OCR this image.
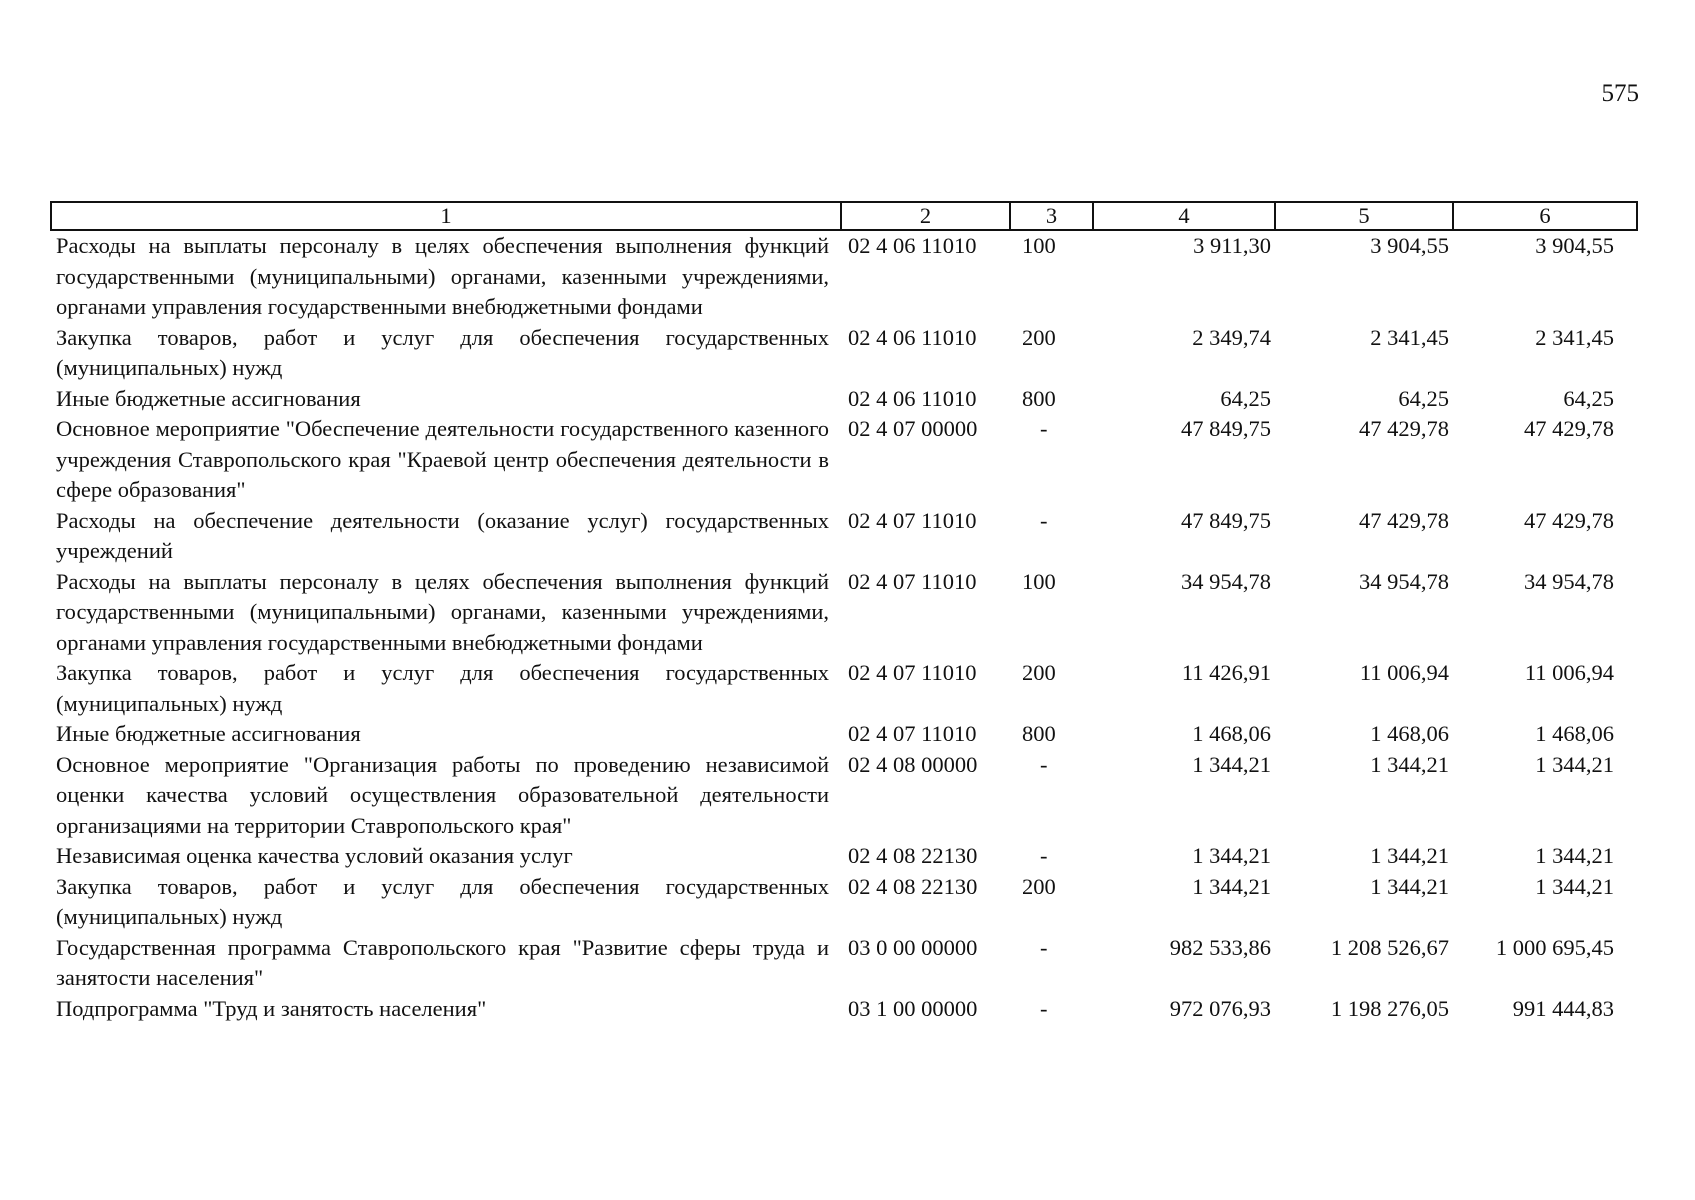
575
1	2	3	4	5	6
Расходы на выплаты персоналу в целях обеспечения выполнения функций государственными (муниципальными) органами, казенными учреждениями, органами управления государственными внебюджетными фондами	02 4 06 11010	100	3 911,30	3 904,55	3 904,55
Закупка товаров, работ и услуг для обеспечения государственных (муниципальных) нужд	02 4 06 11010	200	2 349,74	2 341,45	2 341,45
Иные бюджетные ассигнования	02 4 06 11010	800	64,25	64,25	64,25
Основное мероприятие "Обеспечение деятельности государственного казенного учреждения Ставропольского края "Краевой центр обеспечения деятельности в сфере образования"	02 4 07 00000	-	47 849,75	47 429,78	47 429,78
Расходы на обеспечение деятельности (оказание услуг) государственных учреждений	02 4 07 11010	-	47 849,75	47 429,78	47 429,78
Расходы на выплаты персоналу в целях обеспечения выполнения функций государственными (муниципальными) органами, казенными учреждениями, органами управления государственными внебюджетными фондами	02 4 07 11010	100	34 954,78	34 954,78	34 954,78
Закупка товаров, работ и услуг для обеспечения государственных (муниципальных) нужд	02 4 07 11010	200	11 426,91	11 006,94	11 006,94
Иные бюджетные ассигнования	02 4 07 11010	800	1 468,06	1 468,06	1 468,06
Основное мероприятие "Организация работы по проведению независимой оценки качества условий осуществления образовательной деятельности организациями на территории Ставропольского края"	02 4 08 00000	-	1 344,21	1 344,21	1 344,21
Независимая оценка качества условий оказания услуг	02 4 08 22130	-	1 344,21	1 344,21	1 344,21
Закупка товаров, работ и услуг для обеспечения государственных (муниципальных) нужд	02 4 08 22130	200	1 344,21	1 344,21	1 344,21
Государственная программа Ставропольского края "Развитие сферы труда и занятости населения"	03 0 00 00000	-	982 533,86	1 208 526,67	1 000 695,45
Подпрограмма "Труд и занятость населения"	03 1 00 00000	-	972 076,93	1 198 276,05	991 444,83
